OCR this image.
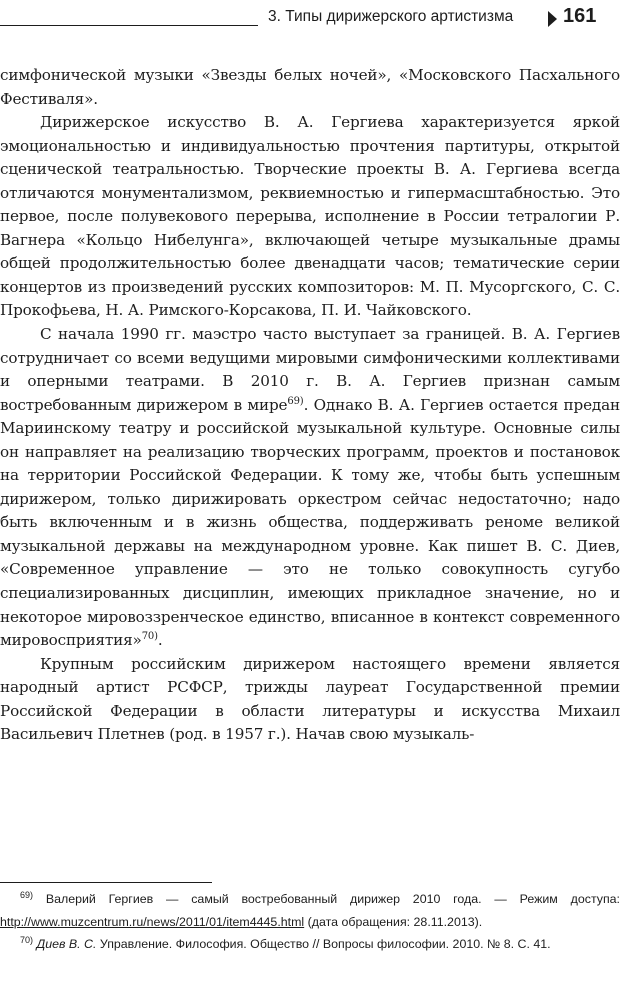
3. Типы дирижерского артистизма	161

симфонической музыки «Звезды белых ночей», «Московского Пасхального Фестиваля».

Дирижерское искусство В. А. Гергиева характеризуется яркой эмоциональностью и индивидуальностью прочтения партитуры, открытой сценической театральностью. Творческие проекты В. А. Гергиева всегда отличаются монументализмом, реквиемностью и гипермасштабностью. Это первое, после полувекового перерыва, исполнение в России тетралогии Р. Вагнера «Кольцо Нибелунга», включающей четыре музыкальные драмы общей продолжительностью более двенадцати часов; тематические серии концертов из произведений русских композиторов: М. П. Мусоргского, С. С. Прокофьева, Н. А. Римского-Корсакова, П. И. Чайковского.

С начала 1990 гг. маэстро часто выступает за границей. В. А. Гергиев сотрудничает со всеми ведущими мировыми симфоническими коллективами и оперными театрами. В 2010 г. В. А. Гергиев признан самым востребованным дирижером в мире$^{69)}$. Однако В. А. Гергиев остается предан Мариинскому театру и российской музыкальной культуре. Основные силы он направляет на реализацию творческих программ, проектов и постановок на территории Российской Федерации. К тому же, чтобы быть успешным дирижером, только дирижировать оркестром сейчас недостаточно; надо быть включенным и в жизнь общества, поддерживать реноме великой музыкальной державы на международном уровне. Как пишет В. С. Диев, «Современное управление — это не только совокупность сугубо специализированных дисциплин, имеющих прикладное значение, но и некоторое мировоззренческое единство, вписанное в контекст современного мировосприятия»$^{70)}$.

Крупным российским дирижером настоящего времени является народный артист РСФСР, трижды лауреат Государственной премии Российской Федерации в области литературы и искусства Михаил Васильевич Плетнев (род. в 1957 г.). Начав свою музыкаль-

$^{69)}$ Валерий Гергиев — самый востребованный дирижер 2010 года. — Режим доступа: http://www.muzcentrum.ru/news/2011/01/item4445.html (дата обращения: 28.11.2013).

$^{70)}$ Диев В. С. Управление. Философия. Общество // Вопросы философии. 2010. № 8. С. 41.
